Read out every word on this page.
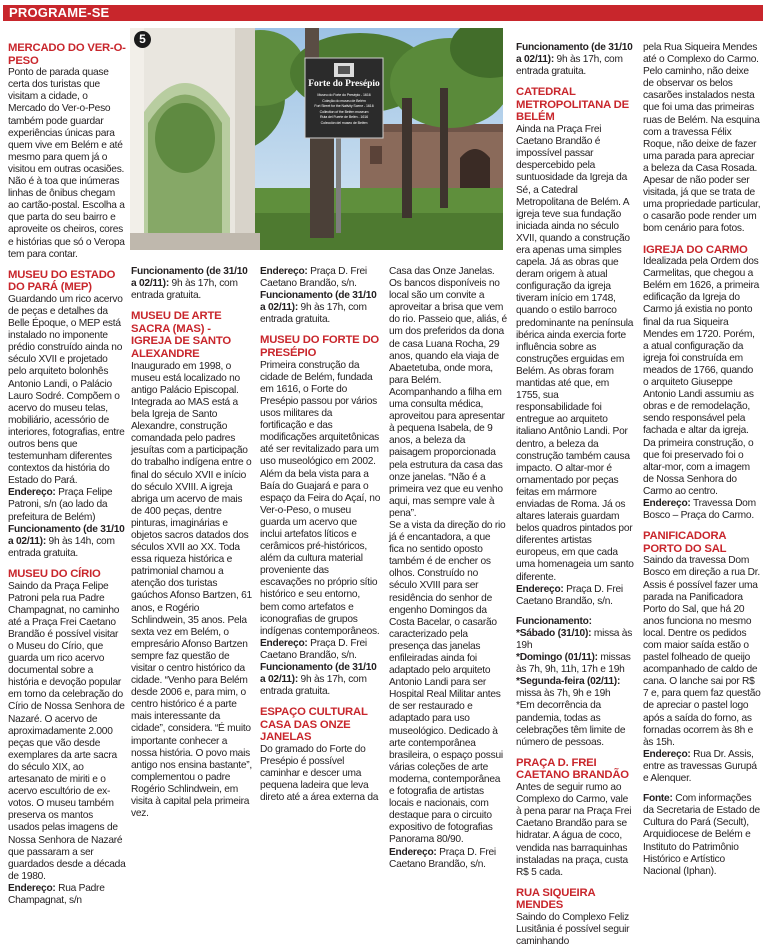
PROGRAME-SE
Forte do Presépio
Museu do Forte do Presépio - 1616
Coleção do museu de Belém
Fort Street for the Nativity Scene - 1616
Collection of the Belém museum
Ruta del Fuerte de Belén - 1616
Colección del museo de Belém
5

MERCADO DO VER-O-PESO

Ponto de parada quase certa dos turistas que visitam a cidade, o Mercado do Ver-o-Peso também pode guardar experiências únicas para quem vive em Belém e até mesmo para quem já o visitou em outras ocasiões. Não é à toa que inúmeras linhas de ônibus chegam ao cartão-postal. Escolha a que parta do seu bairro e aproveite os cheiros, cores e histórias que só o Veropa tem para contar.

MUSEU DO ESTADO DO PARÁ (MEP)

Guardando um rico acervo de peças e detalhes da Belle Époque, o MEP está instalado no imponente prédio construído ainda no século XVII e projetado pelo arquiteto bolonhês Antonio Landi, o Palácio Lauro Sodré. Compõem o acervo do museu telas, mobiliário, acessório de interiores, fotografias, entre outros bens que testemunham diferentes contextos da história do Estado do Pará.

Endereço: Praça Felipe Patroni, s/n (ao lado da prefeitura de Belém)

Funcionamento (de 31/10 a 02/11): 9h às 14h, com entrada gratuita.

MUSEU DO CÍRIO

Saindo da Praça Felipe Patroni pela rua Padre Champagnat, no caminho até a Praça Frei Caetano Brandão é possível visitar o Museu do Círio, que guarda um rico acervo documental sobre a história e devoção popular em torno da celebração do Círio de Nossa Senhora de Nazaré. O acervo de aproximadamente 2.000 peças que vão desde exemplares da arte sacra do século XIX, ao artesanato de miriti e o acervo escultório de ex-votos. O museu também preserva os mantos usados pelas imagens de Nossa Senhora de Nazaré que passaram a ser guardados desde a década de 1980.

Endereço: Rua Padre Champagnat, s/n

Funcionamento (de 31/10 a 02/11): 9h às 17h, com entrada gratuita.

MUSEU DE ARTE SACRA (MAS) - IGREJA DE SANTO ALEXANDRE

Inaugurado em 1998, o museu está localizado no antigo Palácio Episcopal. Integrada ao MAS está a bela Igreja de Santo Alexandre, construção comandada pelo padres jesuítas com a participação do trabalho indígena entre o final do século XVII e início do século XVIII. A igreja abriga um acervo de mais de 400 peças, dentre pinturas, imaginárias e objetos sacros datados dos séculos XVII ao XX. Toda essa riqueza histórica e patrimonial chamou a atenção dos turistas gaúchos Afonso Bartzen, 61 anos, e Rogério Schlindwein, 35 anos. Pela sexta vez em Belém, o empresário Afonso Bartzen sempre faz questão de visitar o centro histórico da cidade. “Venho para Belém desde 2006 e, para mim, o centro histórico é a parte mais interessante da cidade”, considera. “É muito importante conhecer a nossa história. O povo mais antigo nos ensina bastante”, complementou o padre Rogério Schlindwein, em visita à capital pela primeira vez.

Endereço: Praça D. Frei Caetano Brandão, s/n.

Funcionamento (de 31/10 a 02/11): 9h às 17h, com entrada gratuita.

MUSEU DO FORTE DO PRESÉPIO

Primeira construção da cidade de Belém, fundada em 1616, o Forte do Presépio passou por vários usos militares da fortificação e das modificações arquitetônicas até ser revitalizado para um uso museológico em 2002. Além da bela vista para a Baía do Guajará e para o espaço da Feira do Açaí, no Ver-o-Peso, o museu guarda um acervo que inclui artefatos líticos e cerâmicos pré-históricos, além da cultura material proveniente das escavações no próprio sítio histórico e seu entorno, bem como artefatos e iconografias de grupos indígenas contemporâneos.

Endereço: Praça D. Frei Caetano Brandão, s/n.

Funcionamento (de 31/10 a 02/11): 9h às 17h, com entrada gratuita.

ESPAÇO CULTURAL CASA DAS ONZE JANELAS

Do gramado do Forte do Presépio é possível caminhar e descer uma pequena ladeira que leva direto até a área externa da

Casa das Onze Janelas. Os bancos disponíveis no local são um convite a aproveitar a brisa que vem do rio. Passeio que, aliás, é um dos preferidos da dona de casa Luana Rocha, 29 anos, quando ela viaja de Abaetetuba, onde mora, para Belém. Acompanhando a filha em uma consulta médica, aproveitou para apresentar à pequena Isabela, de 9 anos, a beleza da paisagem proporcionada pela estrutura da casa das onze janelas. “Não é a primeira vez que eu venho aqui, mas sempre vale à pena”.

Se a vista da direção do rio já é encantadora, a que fica no sentido oposto também é de encher os olhos. Construído no século XVIII para ser residência do senhor de engenho Domingos da Costa Bacelar, o casarão caracterizado pela presença das janelas enfileiradas ainda foi adaptado pelo arquiteto Antonio Landi para ser Hospital Real Militar antes de ser restaurado e adaptado para uso museológico. Dedicado à arte contemporânea brasileira, o espaço possui várias coleções de arte moderna, contemporânea e fotografia de artistas locais e nacionais, com destaque para o circuito expositivo de fotografias Panorama 80/90.

Endereço: Praça D. Frei Caetano Brandão, s/n.

Funcionamento (de 31/10 a 02/11): 9h às 17h, com entrada gratuita.

CATEDRAL METROPOLITANA DE BELÉM

Ainda na Praça Frei Caetano Brandão é impossível passar despercebido pela suntuosidade da Igreja da Sé, a Catedral Metropolitana de Belém. A igreja teve sua fundação iniciada ainda no século XVII, quando a construção era apenas uma simples capela. Já as obras que deram origem à atual configuração da igreja tiveram início em 1748, quando o estilo barroco predominante na península ibérica ainda exercia forte influência sobre as construções erguidas em Belém. As obras foram mantidas até que, em 1755, sua responsabilidade foi entregue ao arquiteto italiano Antônio Landi. Por dentro, a beleza da construção também causa impacto. O altar-mor é ornamentado por peças feitas em mármore enviadas de Roma. Já os altares laterais guardam belos quadros pintados por diferentes artistas europeus, em que cada uma homenageia um santo diferente.

Endereço: Praça D. Frei Caetano Brandão, s/n.

Funcionamento:

*Sábado (31/10): missa às 19h

*Domingo (01/11): missas às 7h, 9h, 11h, 17h e 19h

*Segunda-feira (02/11): missa às 7h, 9h e 19h

*Em decorrência da pandemia, todas as celebrações têm limite de número de pessoas.

PRAÇA D. FREI CAETANO BRANDÃO

Antes de seguir rumo ao Complexo do Carmo, vale à pena parar na Praça Frei Caetano Brandão para se hidratar. A água de coco, vendida nas barraquinhas instaladas na praça, custa R$ 5 cada.

RUA SIQUEIRA MENDES

Saindo do Complexo Feliz Lusitânia é possível seguir caminhando

pela Rua Siqueira Mendes até o Complexo do Carmo. Pelo caminho, não deixe de observar os belos casarões instalados nesta que foi uma das primeiras ruas de Belém. Na esquina com a travessa Félix Roque, não deixe de fazer uma parada para apreciar a beleza da Casa Rosada. Apesar de não poder ser visitada, já que se trata de uma propriedade particular, o casarão pode render um bom cenário para fotos.

IGREJA DO CARMO

Idealizada pela Ordem dos Carmelitas, que chegou a Belém em 1626, a primeira edificação da Igreja do Carmo já existia no ponto final da rua Siqueira Mendes em 1720. Porém, a atual configuração da igreja foi construída em meados de 1766, quando o arquiteto Giuseppe Antonio Landi assumiu as obras e de remodelação, sendo responsável pela fachada e altar da igreja. Da primeira construção, o que foi preservado foi o altar-mor, com a imagem de Nossa Senhora do Carmo ao centro.

Endereço: Travessa Dom Bosco – Praça do Carmo.

PANIFICADORA PORTO DO SAL

Saindo da travessa Dom Bosco em direção a rua Dr. Assis é possível fazer uma parada na Panificadora Porto do Sal, que há 20 anos funciona no mesmo local. Dentre os pedidos com maior saída estão o pastel folheado de queijo acompanhado de caldo de cana. O lanche sai por R$ 7 e, para quem faz questão de apreciar o pastel logo após a saída do forno, as fornadas ocorrem às 8h e às 15h.

Endereço: Rua Dr. Assis, entre as travessas Gurupá e Alenquer.

Fonte: Com informações da Secretaria de Estado de Cultura do Pará (Secult), Arquidiocese de Belém e Instituto do Patrimônio Histórico e Artístico Nacional (Iphan).
